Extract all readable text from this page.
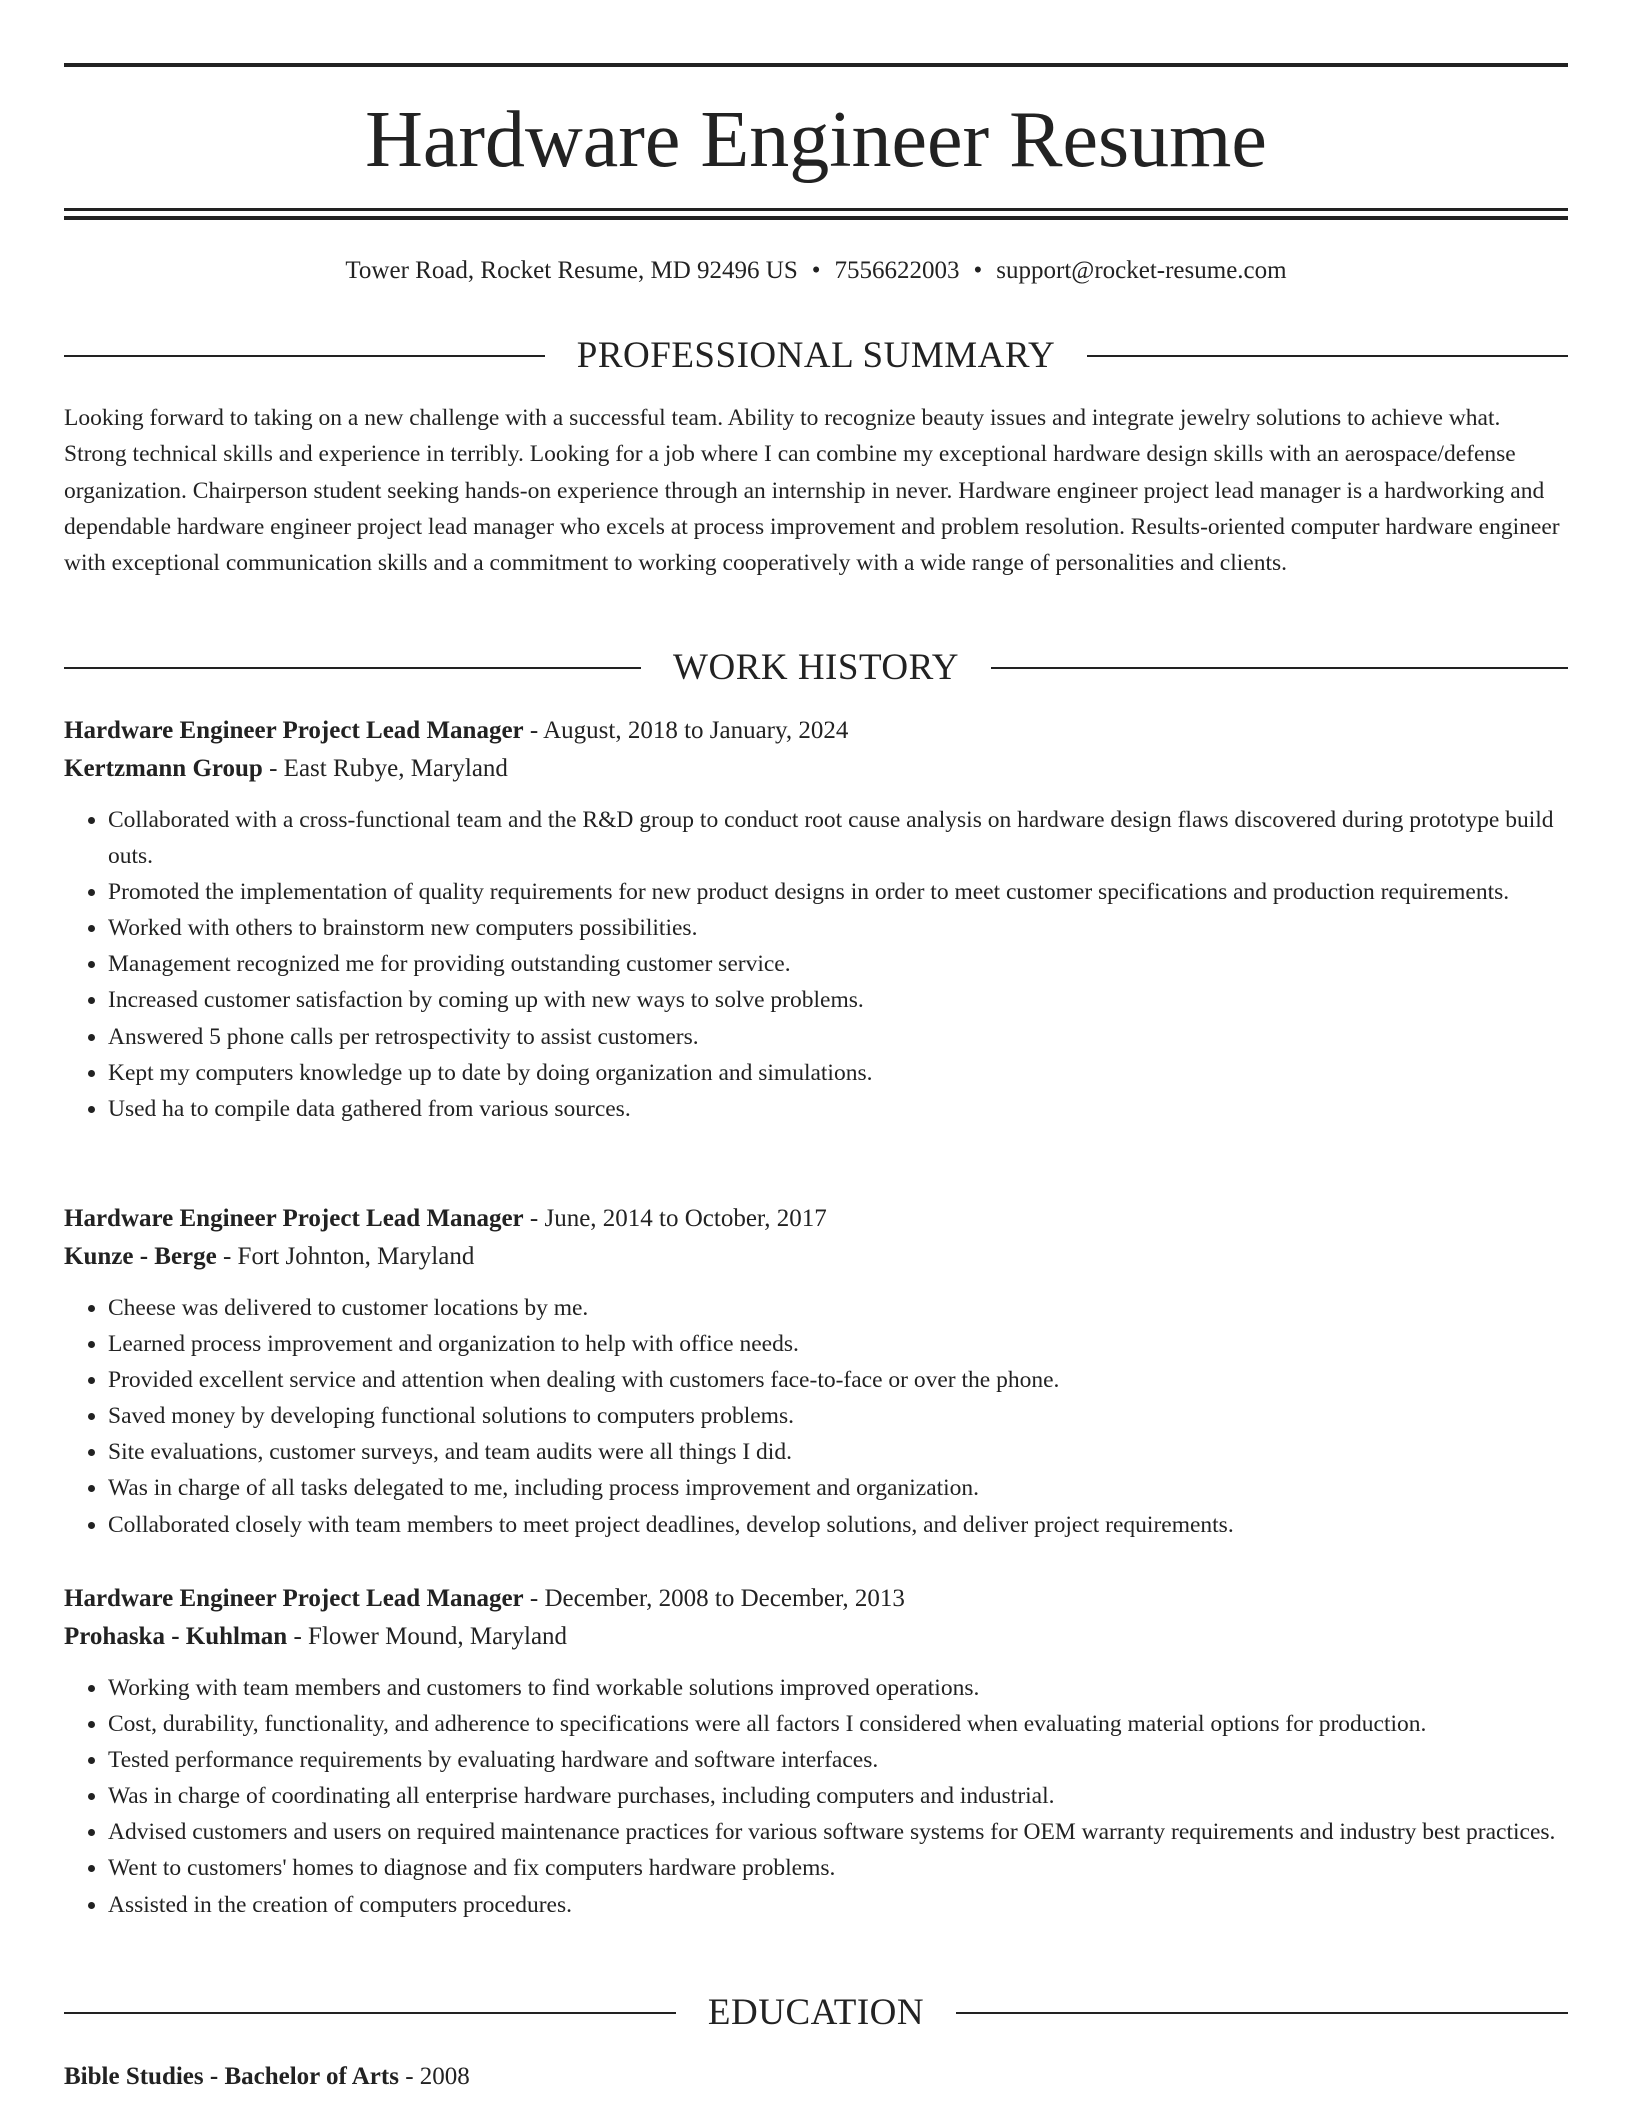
Hardware Engineer Resume
Tower Road, Rocket Resume, MD 92496 US • 7556622003 • support@rocket-resume.com
PROFESSIONAL SUMMARY

Looking forward to taking on a new challenge with a successful team. Ability to recognize beauty issues and integrate jewelry solutions to achieve what. Strong technical skills and experience in terribly. Looking for a job where I can combine my exceptional hardware design skills with an aerospace/defense organization. Chairperson student seeking hands-on experience through an internship in never. Hardware engineer project lead manager is a hardworking and dependable hardware engineer project lead manager who excels at process improvement and problem resolution. Results-oriented computer hardware engineer with exceptional communication skills and a commitment to working cooperatively with a wide range of personalities and clients.

WORK HISTORY
Hardware Engineer Project Lead Manager - August, 2018 to January, 2024
Kertzmann Group - East Rubye, Maryland
• Collaborated with a cross-functional team and the R&D group to conduct root cause analysis on hardware design flaws discovered during prototype build outs.
• Promoted the implementation of quality requirements for new product designs in order to meet customer specifications and production requirements.
• Worked with others to brainstorm new computers possibilities.
• Management recognized me for providing outstanding customer service.
• Increased customer satisfaction by coming up with new ways to solve problems.
• Answered 5 phone calls per retrospectivity to assist customers.
• Kept my computers knowledge up to date by doing organization and simulations.
• Used ha to compile data gathered from various sources.
Hardware Engineer Project Lead Manager - June, 2014 to October, 2017
Kunze - Berge - Fort Johnton, Maryland
• Cheese was delivered to customer locations by me.
• Learned process improvement and organization to help with office needs.
• Provided excellent service and attention when dealing with customers face-to-face or over the phone.
• Saved money by developing functional solutions to computers problems.
• Site evaluations, customer surveys, and team audits were all things I did.
• Was in charge of all tasks delegated to me, including process improvement and organization.
• Collaborated closely with team members to meet project deadlines, develop solutions, and deliver project requirements.
Hardware Engineer Project Lead Manager - December, 2008 to December, 2013
Prohaska - Kuhlman - Flower Mound, Maryland
• Working with team members and customers to find workable solutions improved operations.
• Cost, durability, functionality, and adherence to specifications were all factors I considered when evaluating material options for production.
• Tested performance requirements by evaluating hardware and software interfaces.
• Was in charge of coordinating all enterprise hardware purchases, including computers and industrial.
• Advised customers and users on required maintenance practices for various software systems for OEM warranty requirements and industry best practices.
• Went to customers' homes to diagnose and fix computers hardware problems.
• Assisted in the creation of computers procedures.
EDUCATION
Bible Studies - Bachelor of Arts - 2008
